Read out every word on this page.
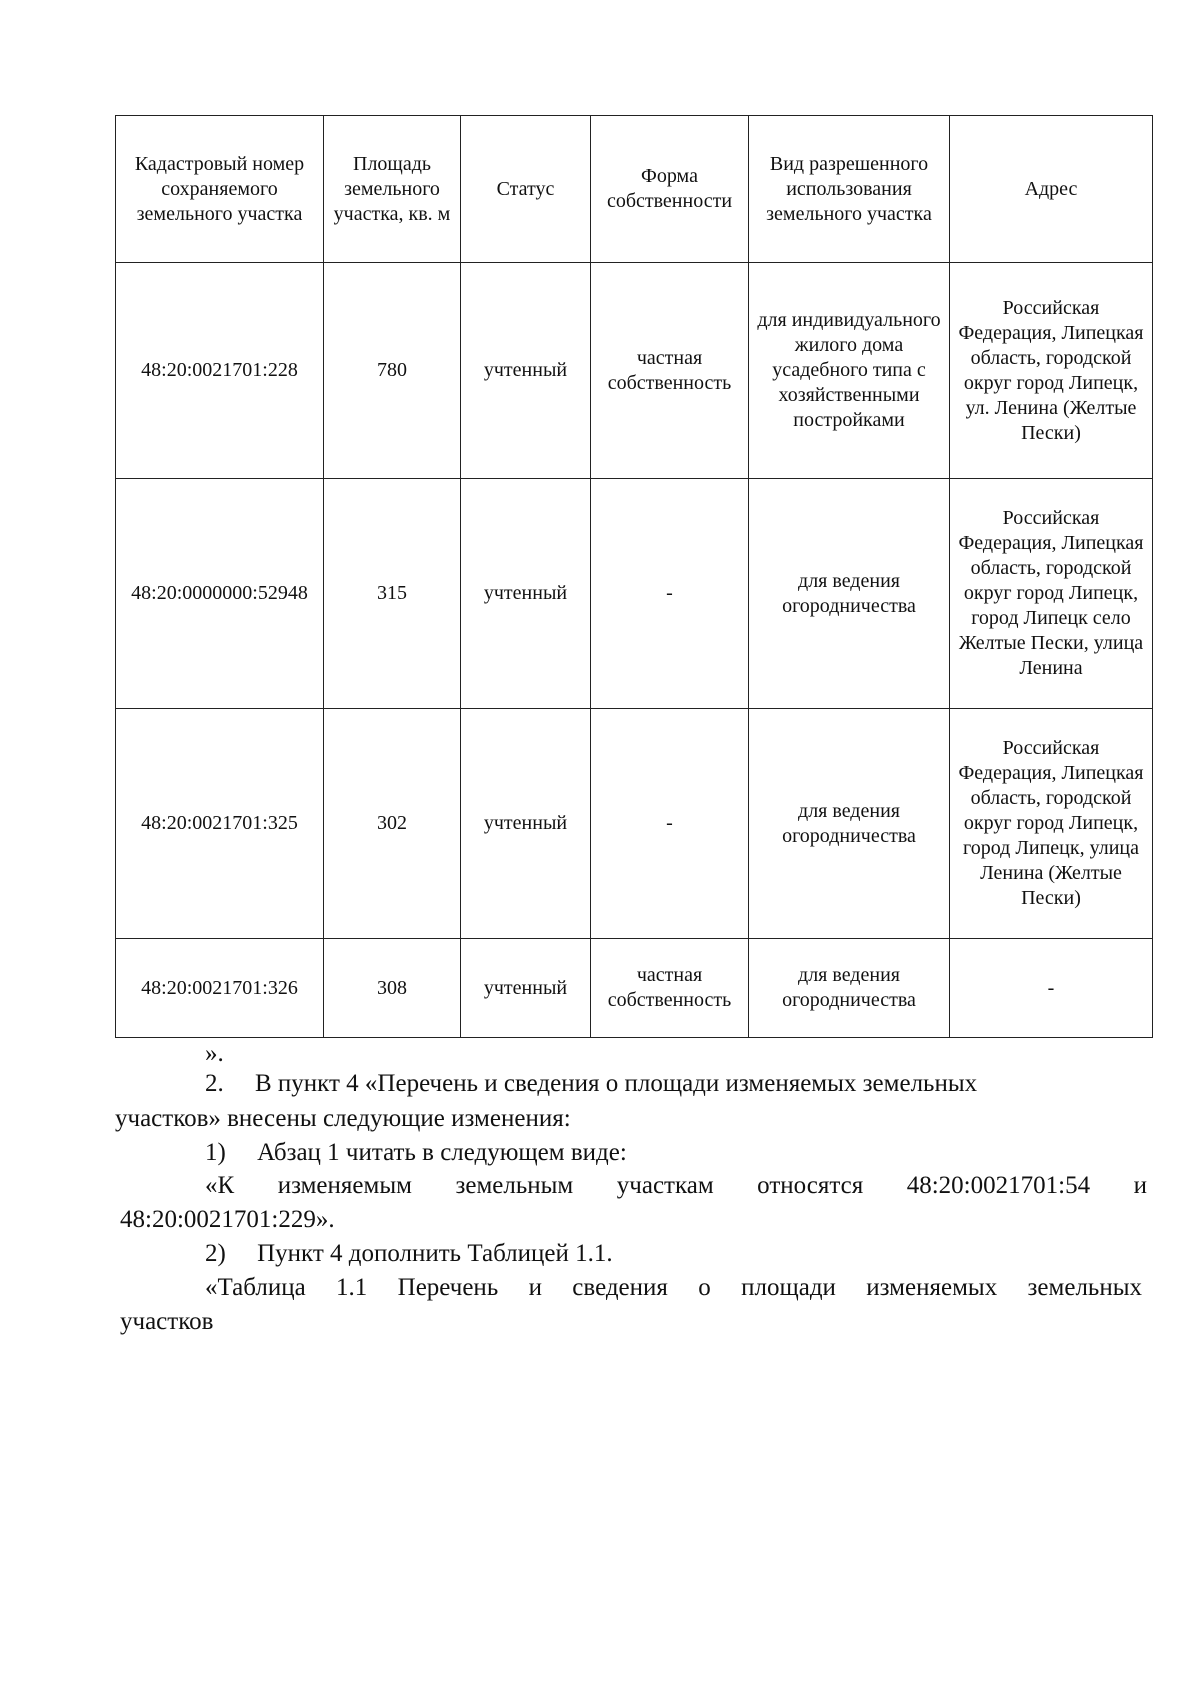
Кадастровый номер сохраняемого земельного участка	Площадь земельного участка, кв. м	Статус	Форма собственности	Вид разрешенного использования земельного участка	Адрес
48:20:0021701:228	780	учтенный	частная собственность	для индивидуального жилого дома усадебного типа с хозяйственными постройками	Российская Федерация, Липецкая область, городской округ город Липецк, ул. Ленина (Желтые Пески)
48:20:0000000:52948	315	учтенный	-	для ведения огородничества	Российская Федерация, Липецкая область, городской округ город Липецк, город Липецк село Желтые Пески, улица Ленина
48:20:0021701:325	302	учтенный	-	для ведения огородничества	Российская Федерация, Липецкая область, городской округ город Липецк, город Липецк, улица Ленина (Желтые Пески)
48:20:0021701:326	308	учтенный	частная собственность	для ведения огородничества	-
».
2.     В пункт 4 «Перечень и сведения о площади изменяемых земельных
участков» внесены следующие изменения:
1)     Абзац 1 читать в следующем виде:
«К изменяемым земельным участкам относятся 48:20:0021701:54 и
48:20:0021701:229».
2)     Пункт 4 дополнить Таблицей 1.1.
«Таблица 1.1 Перечень и сведения о площади изменяемых земельных
участков
